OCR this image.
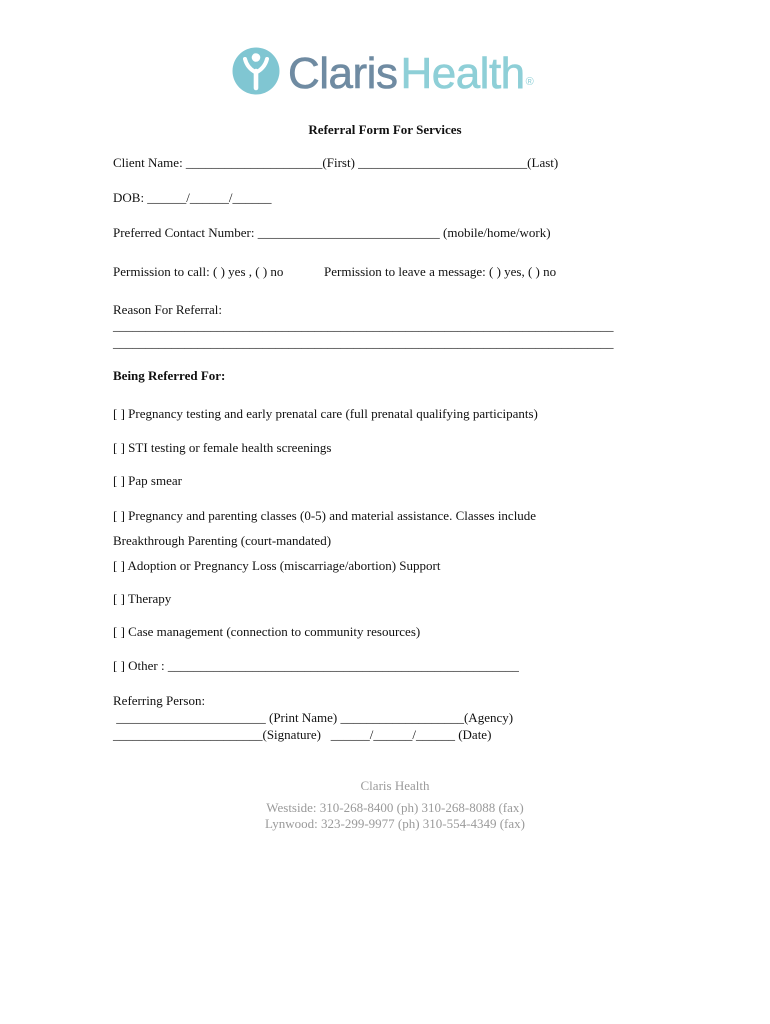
ClarisHealth®
Referral Form For Services
Client Name: _____________________(First) __________________________(Last)
DOB: ______/______/______
Preferred Contact Number: ____________________________ (mobile/home/work)
Permission to call: ( ) yes , ( ) no	Permission to leave a message: ( ) yes, ( ) no
Reason For Referral:
_____________________________________________________________________________
_____________________________________________________________________________
Being Referred For:
[ ] Pregnancy testing and early prenatal care (full prenatal qualifying participants)
[ ] STI testing or female health screenings
[ ] Pap smear
[ ] Pregnancy and parenting classes (0-5) and material assistance. Classes include
Breakthrough Parenting (court-mandated)
[ ] Adoption or Pregnancy Loss (miscarriage/abortion) Support
[ ] Therapy
[ ] Case management (connection to community resources)
[ ] Other : ______________________________________________________
Referring Person:
_______________________ (Print Name) ___________________(Agency)
_______________________(Signature)   ______/______/______ (Date)
Claris Health
Westside: 310-268-8400 (ph) 310-268-8088 (fax)
Lynwood: 323-299-9977 (ph) 310-554-4349 (fax)
